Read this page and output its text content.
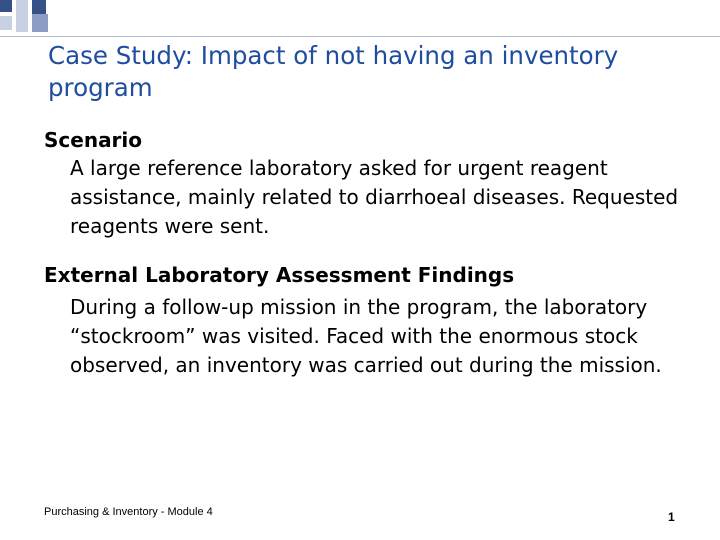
Case Study: Impact of not having an inventory program

Scenario

A large reference laboratory asked for urgent reagent assistance, mainly related to diarrhoeal diseases. Requested reagents were sent.

External Laboratory Assessment Findings

During a follow-up mission in the program, the laboratory “stockroom” was visited. Faced with the enormous stock observed, an inventory was carried out during the mission.

Purchasing & Inventory - Module 4	1
